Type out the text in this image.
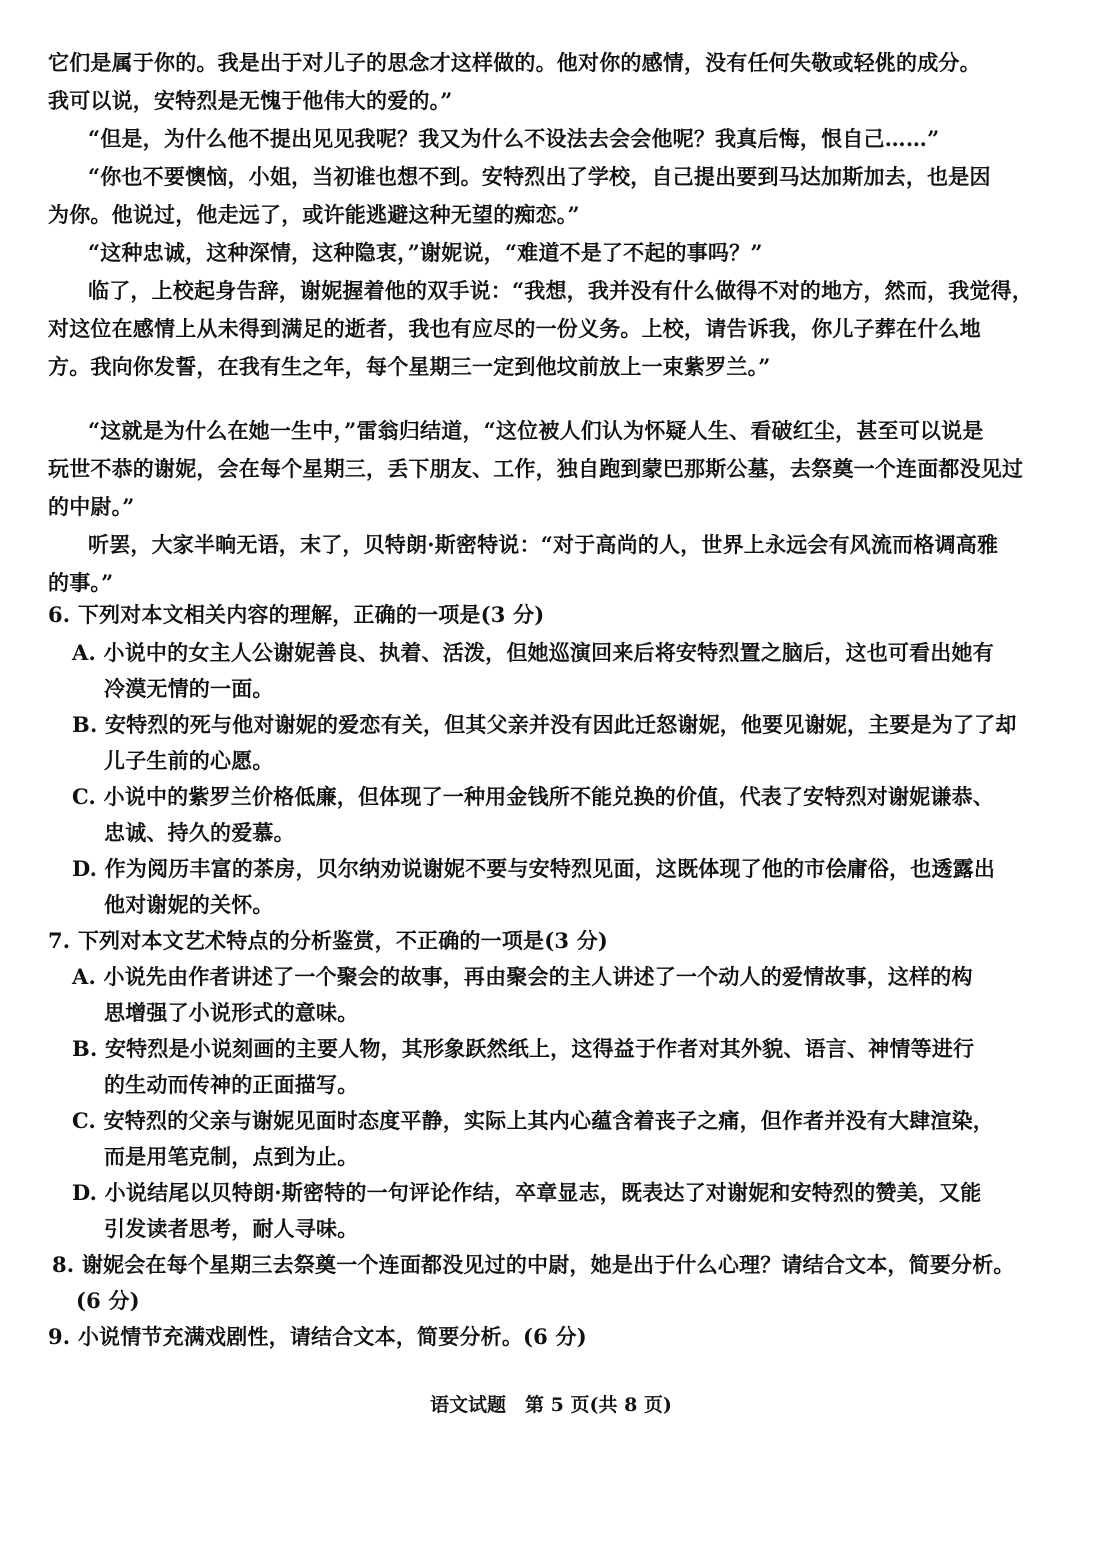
它们是属于你的。我是出于对儿子的思念才这样做的。他对你的感情，没有任何失敬或轻佻的成分。
我可以说，安特烈是无愧于他伟大的爱的。”
“但是，为什么他不提出见见我呢？我又为什么不设法去会会他呢？我真后悔，恨自己……”
“你也不要懊恼，小姐，当初谁也想不到。安特烈出了学校，自己提出要到马达加斯加去，也是因
为你。他说过，他走远了，或许能逃避这种无望的痴恋。”
“这种忠诚，这种深情，这种隐衷，”谢妮说，“难道不是了不起的事吗？”
临了，上校起身告辞，谢妮握着他的双手说：“我想，我并没有什么做得不对的地方，然而，我觉得，
对这位在感情上从未得到满足的逝者，我也有应尽的一份义务。上校，请告诉我，你儿子葬在什么地
方。我向你发誓，在我有生之年，每个星期三一定到他坟前放上一束紫罗兰。”
“这就是为什么在她一生中，”雷翁归结道，“这位被人们认为怀疑人生、看破红尘，甚至可以说是
玩世不恭的谢妮，会在每个星期三，丢下朋友、工作，独自跑到蒙巴那斯公墓，去祭奠一个连面都没见过
的中尉。”
听罢，大家半晌无语，末了，贝特朗·斯密特说：“对于高尚的人，世界上永远会有风流而格调高雅
的事。”
6. 下列对本文相关内容的理解，正确的一项是(3 分)
A. 小说中的女主人公谢妮善良、执着、活泼，但她巡演回来后将安特烈置之脑后，这也可看出她有
冷漠无情的一面。
B. 安特烈的死与他对谢妮的爱恋有关，但其父亲并没有因此迁怒谢妮，他要见谢妮，主要是为了了却
儿子生前的心愿。
C. 小说中的紫罗兰价格低廉，但体现了一种用金钱所不能兑换的价值，代表了安特烈对谢妮谦恭、
忠诚、持久的爱慕。
D. 作为阅历丰富的茶房，贝尔纳劝说谢妮不要与安特烈见面，这既体现了他的市侩庸俗，也透露出
他对谢妮的关怀。
7. 下列对本文艺术特点的分析鉴赏，不正确的一项是(3 分)
A. 小说先由作者讲述了一个聚会的故事，再由聚会的主人讲述了一个动人的爱情故事，这样的构
思增强了小说形式的意味。
B. 安特烈是小说刻画的主要人物，其形象跃然纸上，这得益于作者对其外貌、语言、神情等进行
的生动而传神的正面描写。
C. 安特烈的父亲与谢妮见面时态度平静，实际上其内心蕴含着丧子之痛，但作者并没有大肆渲染，
而是用笔克制，点到为止。
D. 小说结尾以贝特朗·斯密特的一句评论作结，卒章显志，既表达了对谢妮和安特烈的赞美，又能
引发读者思考，耐人寻味。
8. 谢妮会在每个星期三去祭奠一个连面都没见过的中尉，她是出于什么心理？请结合文本，简要分析。
(6 分)
9. 小说情节充满戏剧性，请结合文本，简要分析。(6 分)
语文试题　第 5 页(共 8 页)
